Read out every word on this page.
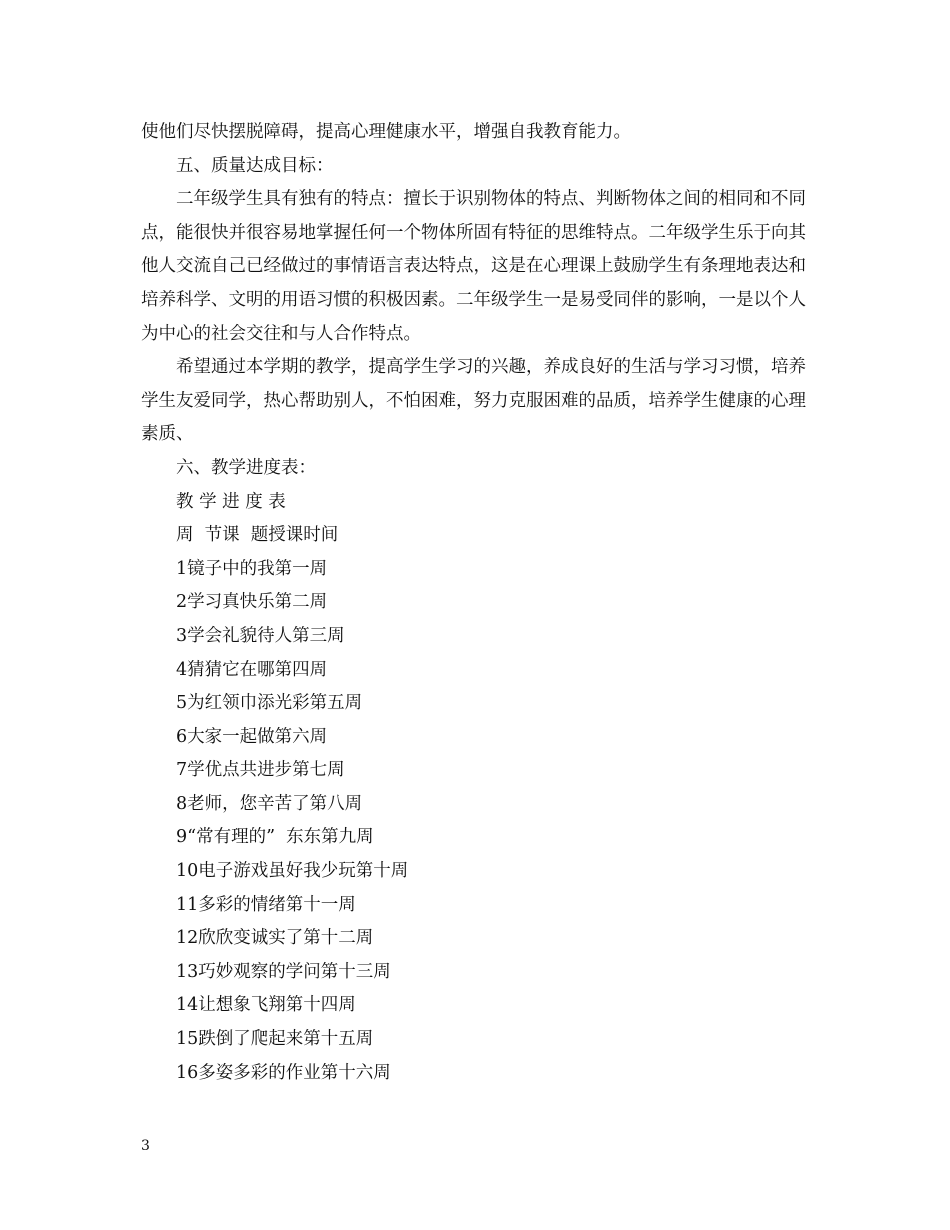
使他们尽快摆脱障碍，提高心理健康水平，增强自我教育能力。

五、质量达成目标：

二年级学生具有独有的特点：擅长于识别物体的特点、判断物体之间的相同和不同点，能很快并很容易地掌握任何一个物体所固有特征的思维特点。二年级学生乐于向其他人交流自己已经做过的事情语言表达特点，这是在心理课上鼓励学生有条理地表达和培养科学、文明的用语习惯的积极因素。二年级学生一是易受同伴的影响，一是以个人为中心的社会交往和与人合作特点。

希望通过本学期的教学，提高学生学习的兴趣，养成良好的生活与学习习惯，培养学生友爱同学，热心帮助别人，不怕困难，努力克服困难的品质，培养学生健康的心理素质、

六、教学进度表：

教 学 进 度 表

周  节课  题授课时间

1镜子中的我第一周

2学习真快乐第二周

3学会礼貌待人第三周

4猜猜它在哪第四周

5为红领巾添光彩第五周

6大家一起做第六周

7学优点共进步第七周

8老师，您辛苦了第八周

9“常有理的”  东东第九周

10电子游戏虽好我少玩第十周

11多彩的情绪第十一周

12欣欣变诚实了第十二周

13巧妙观察的学问第十三周

14让想象飞翔第十四周

15跌倒了爬起来第十五周

16多姿多彩的作业第十六周

3
